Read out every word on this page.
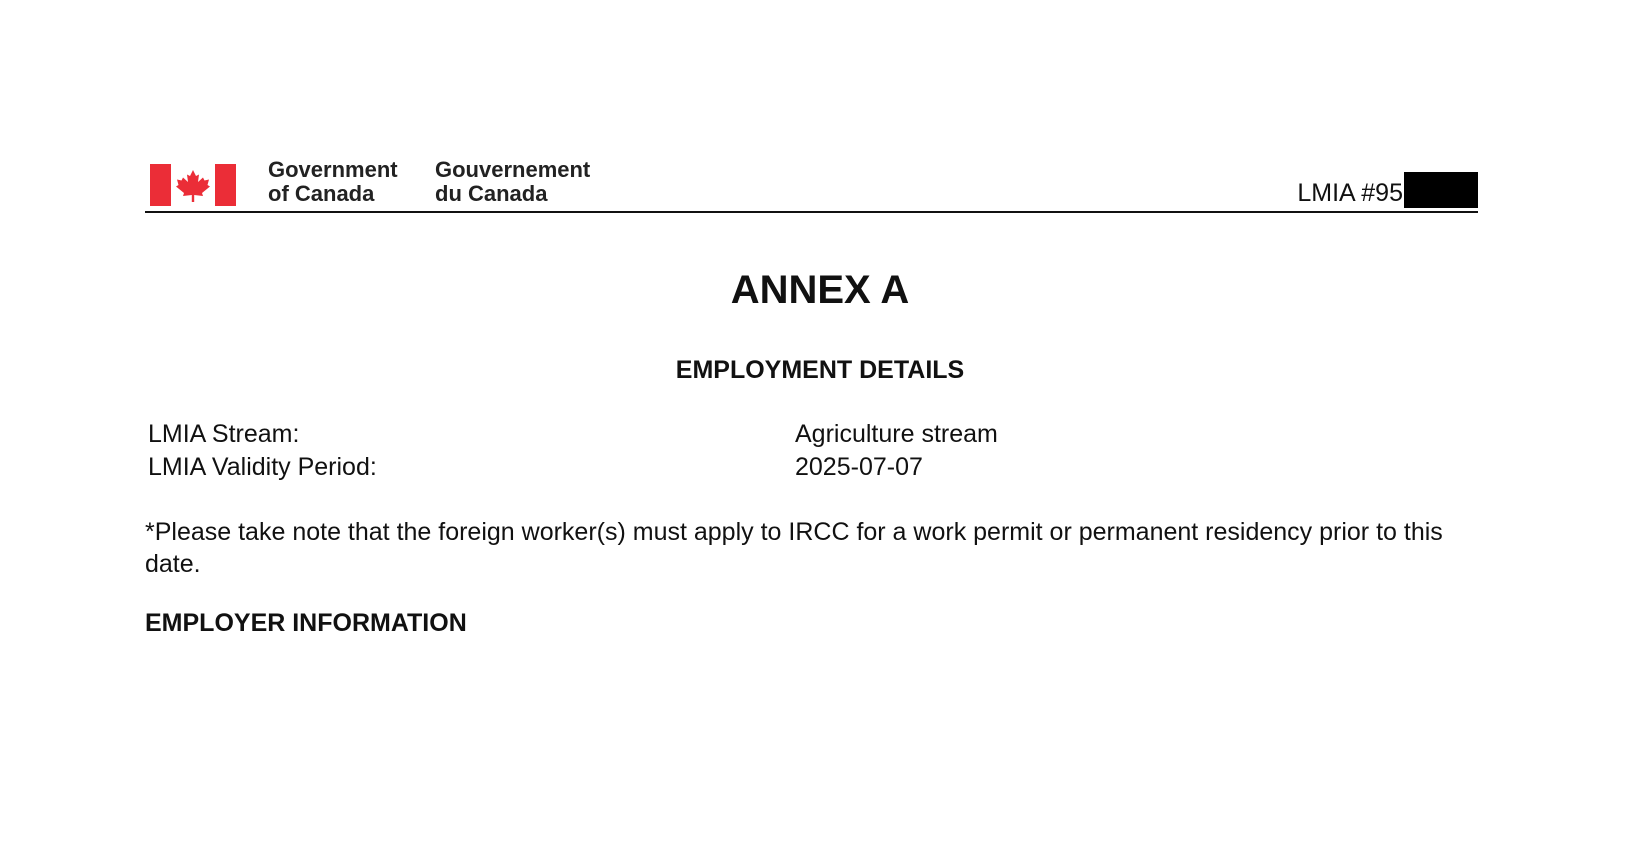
Government
of Canada
Gouvernement
du Canada	LMIA #95
ANNEX A
EMPLOYMENT DETAILS
LMIA Stream:	Agriculture stream
LMIA Validity Period:	2025-07-07
*Please take note that the foreign worker(s) must apply to IRCC for a work permit or permanent residency prior to this date.
EMPLOYER INFORMATION
